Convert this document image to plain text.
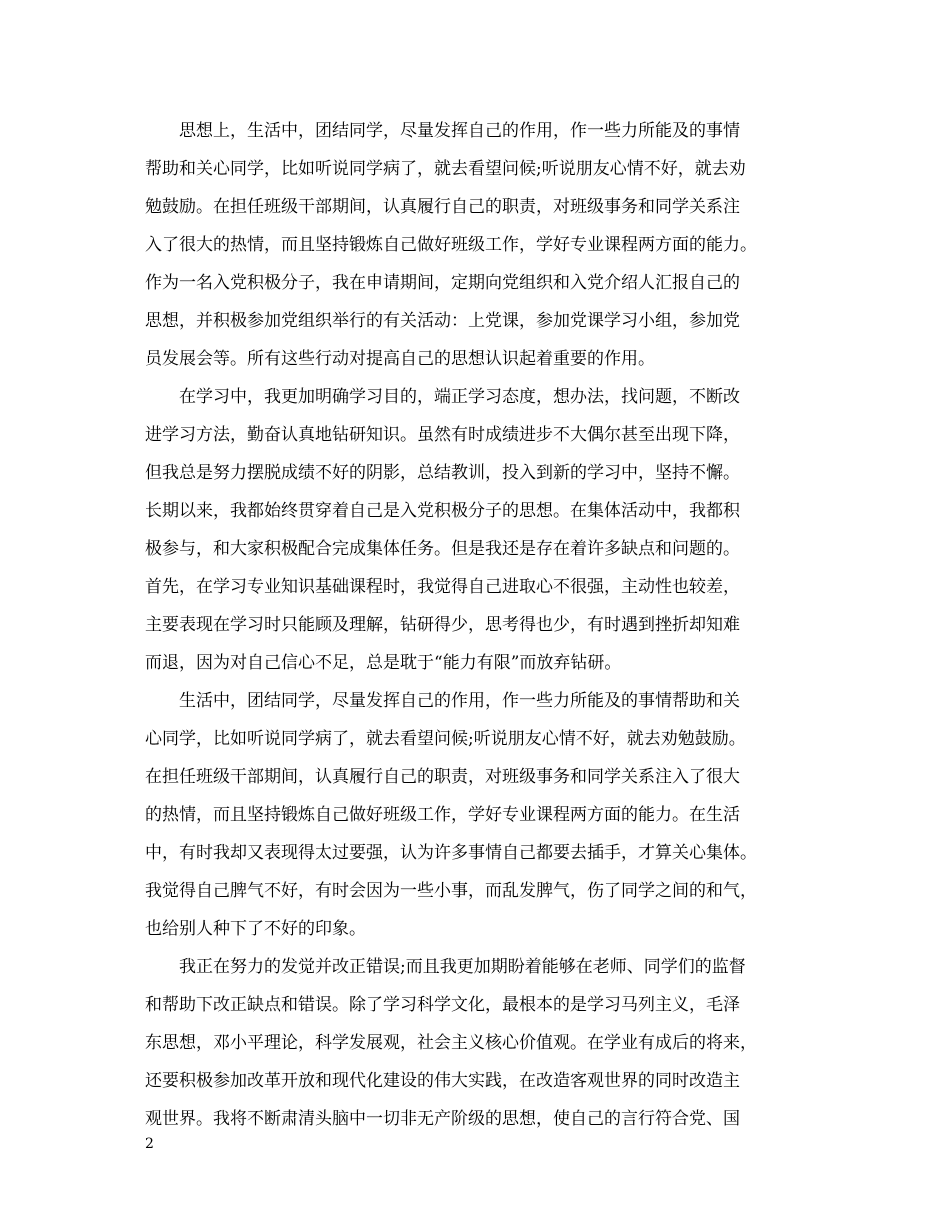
思想上，生活中，团结同学，尽量发挥自己的作用，作一些力所能及的事情
帮助和关心同学，比如听说同学病了，就去看望问候;听说朋友心情不好，就去劝
勉鼓励。在担任班级干部期间，认真履行自己的职责，对班级事务和同学关系注
入了很大的热情，而且坚持锻炼自己做好班级工作，学好专业课程两方面的能力。
作为一名入党积极分子，我在申请期间，定期向党组织和入党介绍人汇报自己的
思想，并积极参加党组织举行的有关活动：上党课，参加党课学习小组，参加党
员发展会等。所有这些行动对提高自己的思想认识起着重要的作用。
在学习中，我更加明确学习目的，端正学习态度，想办法，找问题，不断改
进学习方法，勤奋认真地钻研知识。虽然有时成绩进步不大偶尔甚至出现下降，
但我总是努力摆脱成绩不好的阴影，总结教训，投入到新的学习中，坚持不懈。
长期以来，我都始终贯穿着自己是入党积极分子的思想。在集体活动中，我都积
极参与，和大家积极配合完成集体任务。但是我还是存在着许多缺点和问题的。
首先，在学习专业知识基础课程时，我觉得自己进取心不很强，主动性也较差，
主要表现在学习时只能顾及理解，钻研得少，思考得也少，有时遇到挫折却知难
而退，因为对自己信心不足，总是耽于“能力有限”而放弃钻研。
生活中，团结同学，尽量发挥自己的作用，作一些力所能及的事情帮助和关
心同学，比如听说同学病了，就去看望问候;听说朋友心情不好，就去劝勉鼓励。
在担任班级干部期间，认真履行自己的职责，对班级事务和同学关系注入了很大
的热情，而且坚持锻炼自己做好班级工作，学好专业课程两方面的能力。在生活
中，有时我却又表现得太过要强，认为许多事情自己都要去插手，才算关心集体。
我觉得自己脾气不好，有时会因为一些小事，而乱发脾气，伤了同学之间的和气，
也给别人种下了不好的印象。
我正在努力的发觉并改正错误;而且我更加期盼着能够在老师、同学们的监督
和帮助下改正缺点和错误。除了学习科学文化，最根本的是学习马列主义，毛泽
东思想，邓小平理论，科学发展观，社会主义核心价值观。在学业有成后的将来，
还要积极参加改革开放和现代化建设的伟大实践，在改造客观世界的同时改造主
观世界。我将不断肃清头脑中一切非无产阶级的思想，使自己的言行符合党、国
2
